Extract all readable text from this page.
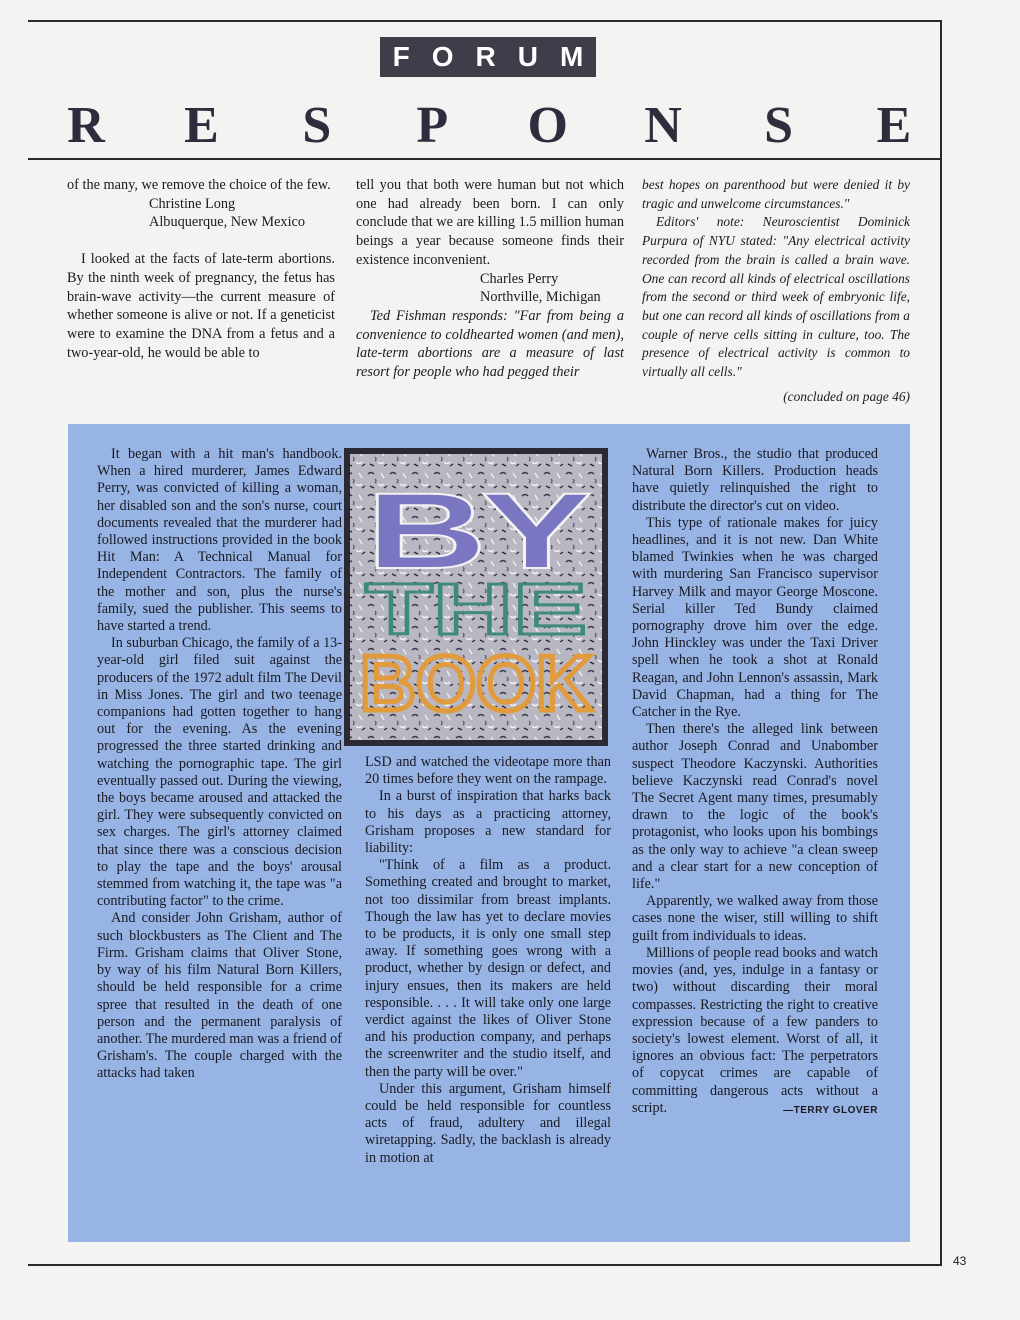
FORUM
R E S P O N S E

of the many, we remove the choice of the few.

Christine Long

Albuquerque, New Mexico

I looked at the facts of late-term abortions. By the ninth week of pregnancy, the fetus has brain-wave activity—the current measure of whether someone is alive or not. If a geneticist were to examine the DNA from a fetus and a two-year-old, he would be able to

tell you that both were human but not which one had already been born. I can only conclude that we are killing 1.5 million human beings a year because someone finds their existence inconvenient.

Charles Perry

Northville, Michigan

Ted Fishman responds: "Far from being a convenience to coldhearted women (and men), late-term abortions are a measure of last resort for people who had pegged their

best hopes on parenthood but were denied it by tragic and unwelcome circumstances."

Editors' note: Neuroscientist Dominick Purpura of NYU stated: "Any electrical activity recorded from the brain is called a brain wave. One can record all kinds of electrical oscillations from the second or third week of embryonic life, but one can record all kinds of oscillations from a couple of nerve cells sitting in culture, too. The presence of electrical activity is common to virtually all cells."

(concluded on page 46)

It began with a hit man's handbook. When a hired murderer, James Edward Perry, was convicted of killing a woman, her disabled son and the son's nurse, court documents revealed that the murderer had followed instructions provided in the book Hit Man: A Technical Manual for Independent Contractors. The family of the mother and son, plus the nurse's family, sued the publisher. This seems to have started a trend.

In suburban Chicago, the family of a 13-year-old girl filed suit against the producers of the 1972 adult film The Devil in Miss Jones. The girl and two teenage companions had gotten together to hang out for the evening. As the evening progressed the three started drinking and watching the pornographic tape. The girl eventually passed out. During the viewing, the boys became aroused and attacked the girl. They were subsequently convicted on sex charges. The girl's attorney claimed that since there was a conscious decision to play the tape and the boys' arousal stemmed from watching it, the tape was "a contributing factor" to the crime.

And consider John Grisham, author of such blockbusters as The Client and The Firm. Grisham claims that Oliver Stone, by way of his film Natural Born Killers, should be held responsible for a crime spree that resulted in the death of one person and the permanent paralysis of another. The murdered man was a friend of Grisham's. The couple charged with the attacks had taken

BY
THE
BOOK

LSD and watched the videotape more than 20 times before they went on the rampage.

In a burst of inspiration that harks back to his days as a practicing attorney, Grisham proposes a new standard for liability:

"Think of a film as a product. Something created and brought to market, not too dissimilar from breast implants. Though the law has yet to declare movies to be products, it is only one small step away. If something goes wrong with a product, whether by design or defect, and injury ensues, then its makers are held responsible. . . . It will take only one large verdict against the likes of Oliver Stone and his production company, and perhaps the screenwriter and the studio itself, and then the party will be over."

Under this argument, Grisham himself could be held responsible for countless acts of fraud, adultery and illegal wiretapping. Sadly, the backlash is already in motion at

Warner Bros., the studio that produced Natural Born Killers. Production heads have quietly relinquished the right to distribute the director's cut on video.

This type of rationale makes for juicy headlines, and it is not new. Dan White blamed Twinkies when he was charged with murdering San Francisco supervisor Harvey Milk and mayor George Moscone. Serial killer Ted Bundy claimed pornography drove him over the edge. John Hinckley was under the Taxi Driver spell when he took a shot at Ronald Reagan, and John Lennon's assassin, Mark David Chapman, had a thing for The Catcher in the Rye.

Then there's the alleged link between author Joseph Conrad and Unabomber suspect Theodore Kaczynski. Authorities believe Kaczynski read Conrad's novel The Secret Agent many times, presumably drawn to the logic of the book's protagonist, who looks upon his bombings as the only way to achieve "a clean sweep and a clear start for a new conception of life."

Apparently, we walked away from those cases none the wiser, still willing to shift guilt from individuals to ideas.

Millions of people read books and watch movies (and, yes, indulge in a fantasy or two) without discarding their moral compasses. Restricting the right to creative expression because of a few panders to society's lowest element. Worst of all, it ignores an obvious fact: The perpetrators of copycat crimes are capable of committing dangerous acts without a script.	—TERRY GLOVER

43
